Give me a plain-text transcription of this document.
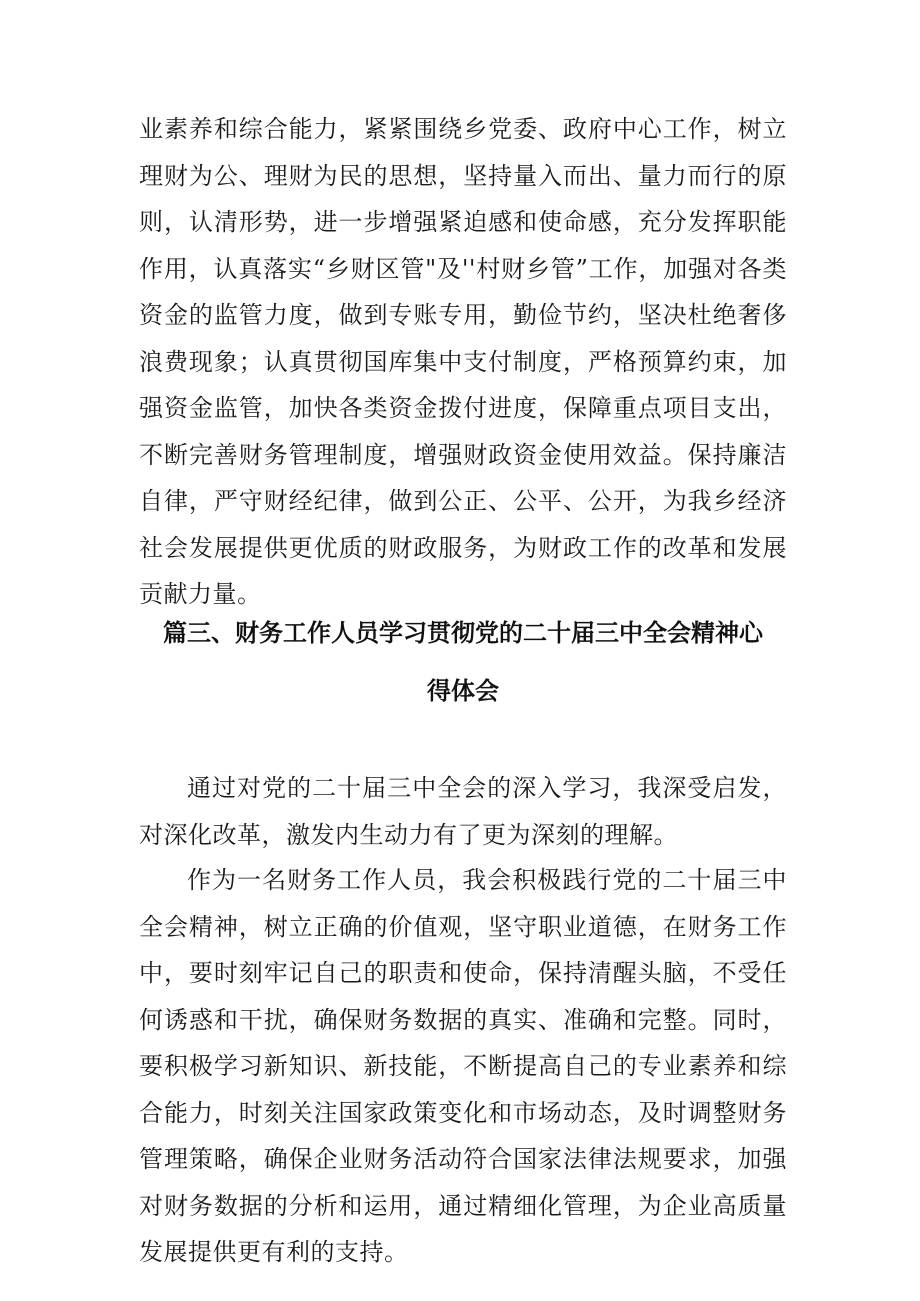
业素养和综合能力，紧紧围绕乡党委、政府中心工作，树立理财为公、理财为民的思想，坚持量入而出、量力而行的原则，认清形势，进一步增强紧迫感和使命感，充分发挥职能作用，认真落实“乡财区管"及''村财乡管”工作，加强对各类资金的监管力度，做到专账专用，勤俭节约，坚决杜绝奢侈浪费现象；认真贯彻国库集中支付制度，严格预算约束，加强资金监管，加快各类资金拨付进度，保障重点项目支出，不断完善财务管理制度，增强财政资金使用效益。保持廉洁自律，严守财经纪律，做到公正、公平、公开，为我乡经济社会发展提供更优质的财政服务，为财政工作的改革和发展贡献力量。

篇三、财务工作人员学习贯彻党的二十届三中全会精神心
得体会

通过对党的二十届三中全会的深入学习，我深受启发，对深化改革，激发内生动力有了更为深刻的理解。

作为一名财务工作人员，我会积极践行党的二十届三中全会精神，树立正确的价值观，坚守职业道德，在财务工作中，要时刻牢记自己的职责和使命，保持清醒头脑，不受任何诱惑和干扰，确保财务数据的真实、准确和完整。同时，要积极学习新知识、新技能，不断提高自己的专业素养和综合能力，时刻关注国家政策变化和市场动态，及时调整财务管理策略，确保企业财务活动符合国家法律法规要求，加强对财务数据的分析和运用，通过精细化管理，为企业高质量发展提供更有利的支持。
